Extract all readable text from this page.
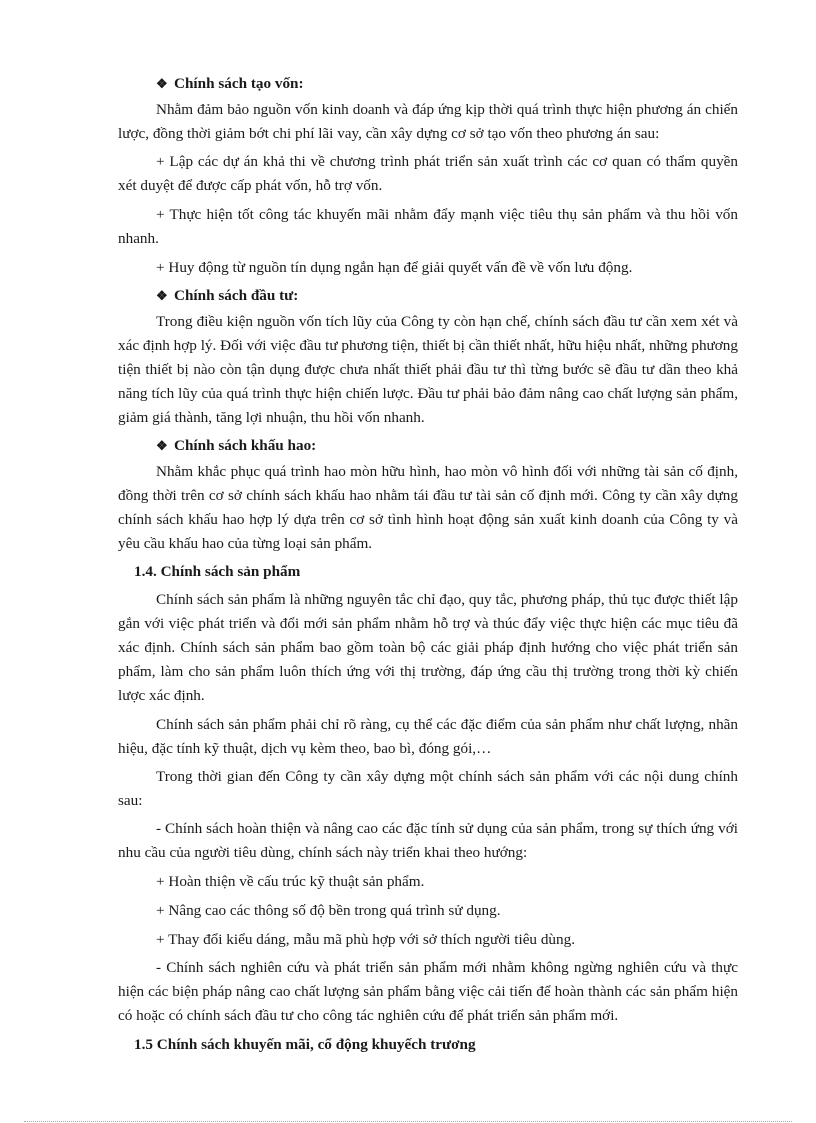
❖ Chính sách tạo vốn:

Nhằm đảm bảo nguồn vốn kinh doanh và đáp ứng kịp thời quá trình thực hiện phương án chiến lược, đồng thời giảm bớt chi phí lãi vay, cần xây dựng cơ sở tạo vốn theo phương án sau:

+ Lập các dự án khả thi về chương trình phát triển sản xuất trình các cơ quan có thẩm quyền xét duyệt để được cấp phát vốn, hỗ trợ vốn.

+ Thực hiện tốt công tác khuyến mãi nhằm đẩy mạnh việc tiêu thụ sản phẩm và thu hồi vốn nhanh.

+ Huy động từ nguồn tín dụng ngắn hạn để giải quyết vấn đề về vốn lưu động.

❖ Chính sách đầu tư:

Trong điều kiện nguồn vốn tích lũy của Công ty còn hạn chế, chính sách đầu tư cần xem xét và xác định hợp lý. Đối với việc đầu tư phương tiện, thiết bị cần thiết nhất, hữu hiệu nhất, những phương tiện thiết bị nào còn tận dụng được chưa nhất thiết phải đầu tư thì từng bước sẽ đầu tư dần theo khả năng tích lũy của quá trình thực hiện chiến lược. Đầu tư phải bảo đảm nâng cao chất lượng sản phẩm, giảm giá thành, tăng lợi nhuận, thu hồi vốn nhanh.

❖ Chính sách khấu hao:

Nhằm khắc phục quá trình hao mòn hữu hình, hao mòn vô hình đối với những tài sản cố định, đồng thời trên cơ sở chính sách khấu hao nhằm tái đầu tư tài sản cố định mới. Công ty cần xây dựng chính sách khấu hao hợp lý dựa trên cơ sở tình hình hoạt động sản xuất kinh doanh của Công ty và yêu cầu khấu hao của từng loại sản phẩm.

1.4. Chính sách sản phẩm

Chính sách sản phẩm là những nguyên tắc chỉ đạo, quy tắc, phương pháp, thủ tục được thiết lập gắn với việc phát triển và đổi mới sản phẩm nhằm hỗ trợ và thúc đẩy việc thực hiện các mục tiêu đã xác định. Chính sách sản phẩm bao gồm toàn bộ các giải pháp định hướng cho việc phát triển sản phẩm, làm cho sản phẩm luôn thích ứng với thị trường, đáp ứng cầu thị trường trong thời kỳ chiến lược xác định.

Chính sách sản phẩm phải chỉ rõ ràng, cụ thể các đặc điểm của sản phẩm như chất lượng, nhãn hiệu, đặc tính kỹ thuật, dịch vụ kèm theo, bao bì, đóng gói,…

Trong thời gian đến Công ty cần xây dựng một chính sách sản phẩm với các nội dung chính sau:

- Chính sách hoàn thiện và nâng cao các đặc tính sử dụng của sản phẩm, trong sự thích ứng với nhu cầu của người tiêu dùng, chính sách này triển khai theo hướng:

+ Hoàn thiện về cấu trúc kỹ thuật sản phẩm.

+ Nâng cao các thông số độ bền trong quá trình sử dụng.

+ Thay đổi kiểu dáng, mẫu mã phù hợp với sở thích người tiêu dùng.

- Chính sách nghiên cứu và phát triển sản phẩm mới nhằm không ngừng nghiên cứu và thực hiện các biện pháp nâng cao chất lượng sản phẩm bằng việc cải tiến để hoàn thành các sản phẩm hiện có hoặc có chính sách đầu tư cho công tác nghiên cứu để phát triển sản phẩm mới.

1.5 Chính sách khuyến mãi, cổ động khuyếch trương
